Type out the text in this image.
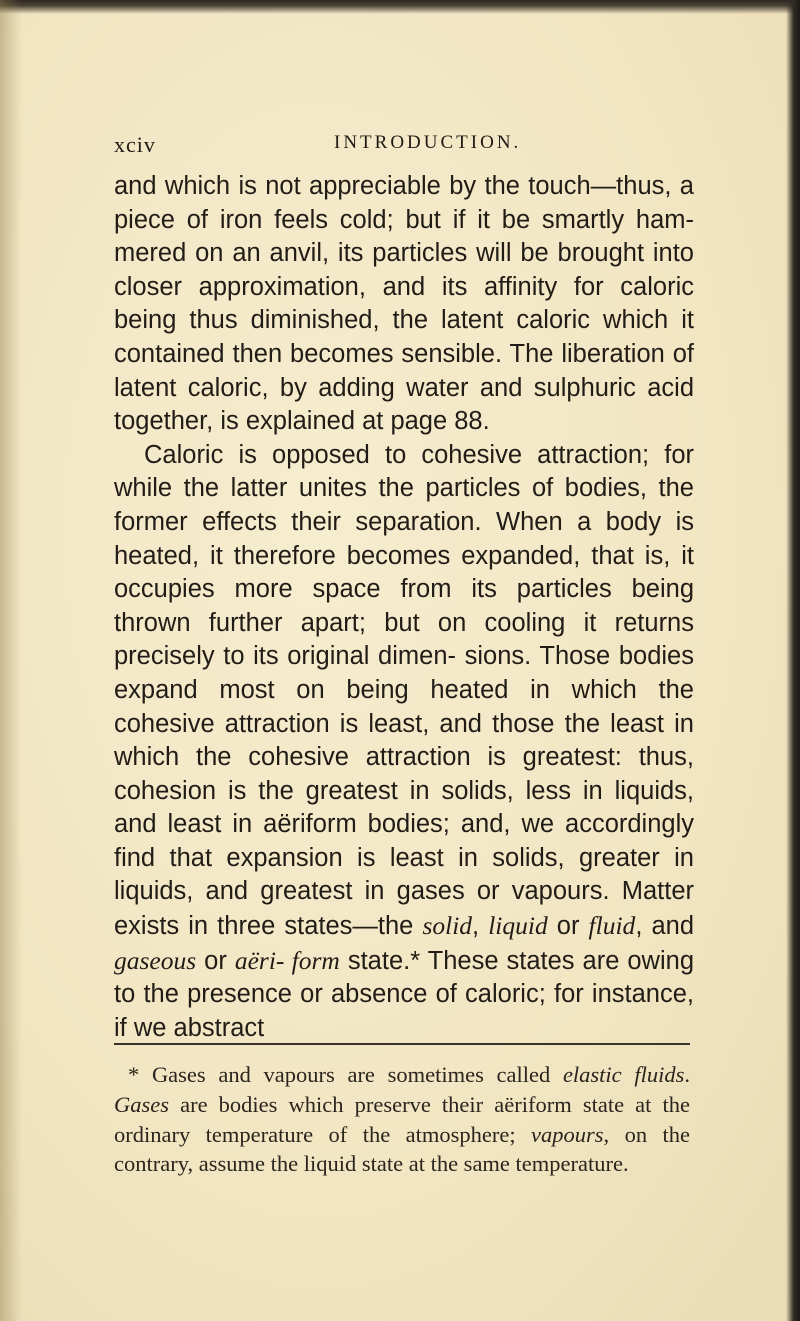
xciv	INTRODUCTION.

and which is not appreciable by the touch—thus, a piece of iron feels cold; but if it be smartly ham- mered on an anvil, its particles will be brought into closer approximation, and its affinity for caloric being thus diminished, the latent caloric which it contained then becomes sensible. The liberation of latent caloric, by adding water and sulphuric acid together, is explained at page 88.

Caloric is opposed to cohesive attraction; for while the latter unites the particles of bodies, the former effects their separation. When a body is heated, it therefore becomes expanded, that is, it occupies more space from its particles being thrown further apart; but on cooling it returns precisely to its original dimen- sions. Those bodies expand most on being heated in which the cohesive attraction is least, and those the least in which the cohesive attraction is greatest: thus, cohesion is the greatest in solids, less in liquids, and least in aëriform bodies; and, we accordingly find that expansion is least in solids, greater in liquids, and greatest in gases or vapours. Matter exists in three states—the solid, liquid or fluid, and gaseous or aëri- form state.* These states are owing to the presence or absence of caloric; for instance, if we abstract

* Gases and vapours are sometimes called elastic fluids. Gases are bodies which preserve their aëriform state at the ordinary temperature of the atmosphere; vapours, on the contrary, assume the liquid state at the same temperature.
